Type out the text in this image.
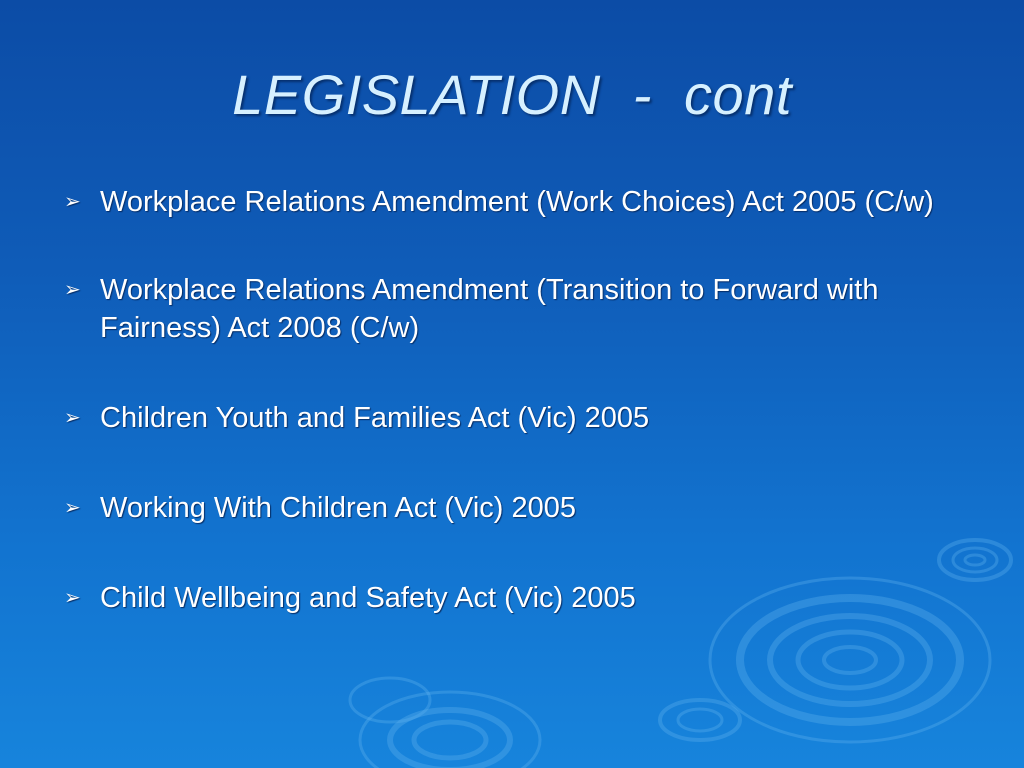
LEGISLATION  -  cont
➢ Workplace Relations Amendment (Work Choices) Act 2005 (C/w)
➢ Workplace Relations Amendment (Transition to Forward with Fairness) Act 2008 (C/w)
➢ Children Youth and Families Act (Vic) 2005
➢ Working With Children Act (Vic) 2005
➢ Child Wellbeing and Safety Act (Vic) 2005
